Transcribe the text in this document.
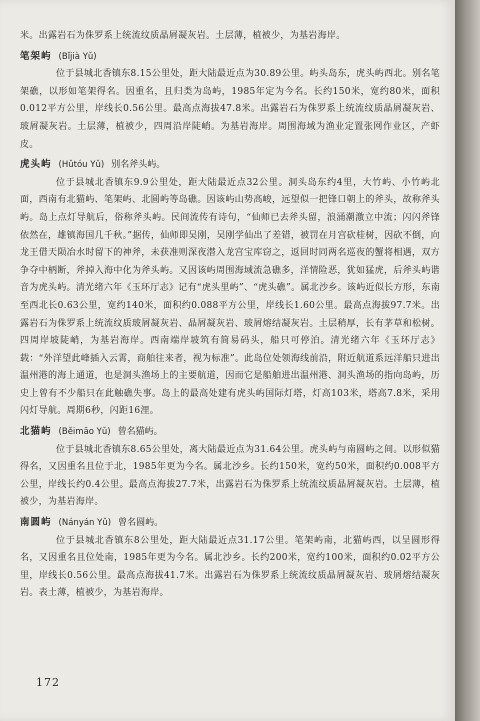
米。出露岩石为侏罗系上统流纹质晶屑凝灰岩。土层薄，植被少，为基岩海岸。

笔架屿 (Bǐjià Yǔ)

位于县城北香镇东8.15公里处，距大陆最近点为30.89公里。屿头岛东，虎头屿西北。别名笔架礁，以形如笔架得名。因重名，且归类为岛屿，1985年定为今名。长约150米，宽约80米，面积0.012平方公里，岸线长0.56公里。最高点海拔47.8米。出露岩石为侏罗系上统流纹质晶屑凝灰岩、玻屑凝灰岩。土层薄，植被少，四周沿岸陡峭。为基岩海岸。周围海域为渔业定置张网作业区，产虾皮。

虎头屿 (Hǔtóu Yǔ) 别名斧头屿。

位于县城北香镇东9.9公里处，距大陆最近点32公里。洞头岛东约4里，大竹屿、小竹屿北面，西南有北猫屿、笔架屿、北圆屿等岛礁。因该屿山势高峻，远望似一把锋口朝上的斧头，故称斧头屿。岛上点灯导航后，俗称斧头屿。民间流传有诗句，“仙师已去斧头留，浪涌潮激立中流；闪闪斧锋依然在，雄镇海国几千秋。”据传，仙师即吴刚，吴刚学仙出了差错，被罚在月宫砍桂树，因砍不倒，向龙王借天陨冶水时留下的神斧，未获准则深夜潜入龙宫宝库窃之，返回时同两名巡夜的蟹将相遇，双方争夺中柄断，斧掉入海中化为斧头屿。又因该屿周围海域流急礁多，洋情险恶，犹如猛虎，后斧头屿谐音为虎头屿。清光绪六年《玉环厅志》记有“虎头里屿”、“虎头礁”。属北沙乡。该屿近似长方形，东南至西北长0.63公里，宽约140米，面积约0.088平方公里，岸线长1.60公里。最高点海拔97.7米。出露岩石为侏罗系上统流纹质玻屑凝灰岩、晶屑凝灰岩、玻屑熔结凝灰岩。土层稍厚，长有茅草和松树。四周岸坡陡峭，为基岩海岸。西南端岸坡筑有简易码头，船只可停泊。清光绪六年《玉环厅志》载：“外洋望此峰插入云霄，商舶往来者，视为标准”。此岛位处领海线前沿，附近航道系远洋船只进出温州港的海上通道，也是洞头渔场上的主要航道，因而它是船舶进出温州港、洞头渔场的指向岛屿，历史上曾有不少船只在此触礁失事。岛上的最高处建有虎头屿国际灯塔，灯高103米，塔高7.8米，采用闪灯导航。周期6秒，闪距16浬。

北猫屿 (Běimāo Yǔ) 曾名猫屿。

位于县城北香镇东8.65公里处，离大陆最近点为31.64公里。虎头屿与南圆屿之间。以形似猫得名，又因重名且位于北，1985年更为今名。属北沙乡。长约150米，宽约50米，面积约0.008平方公里，岸线长约0.4公里。最高点海拔27.7米，出露岩石为侏罗系上统流纹质晶屑凝灰岩。土层薄，植被少，为基岩海岸。

南圆屿 (Nányán Yǔ) 曾名圆屿。

位于县城北香镇东8公里处，距大陆最近点31.17公里。笔架屿南，北猫屿西，以呈圆形得名，又因重名且位处南，1985年更为今名。属北沙乡。长约200米，宽约100米，面积约0.02平方公里，岸线长0.56公里。最高点海拔41.7米。出露岩石为侏罗系上统流纹质晶屑凝灰岩、玻屑熔结凝灰岩。表土薄，植被少，为基岩海岸。

172
